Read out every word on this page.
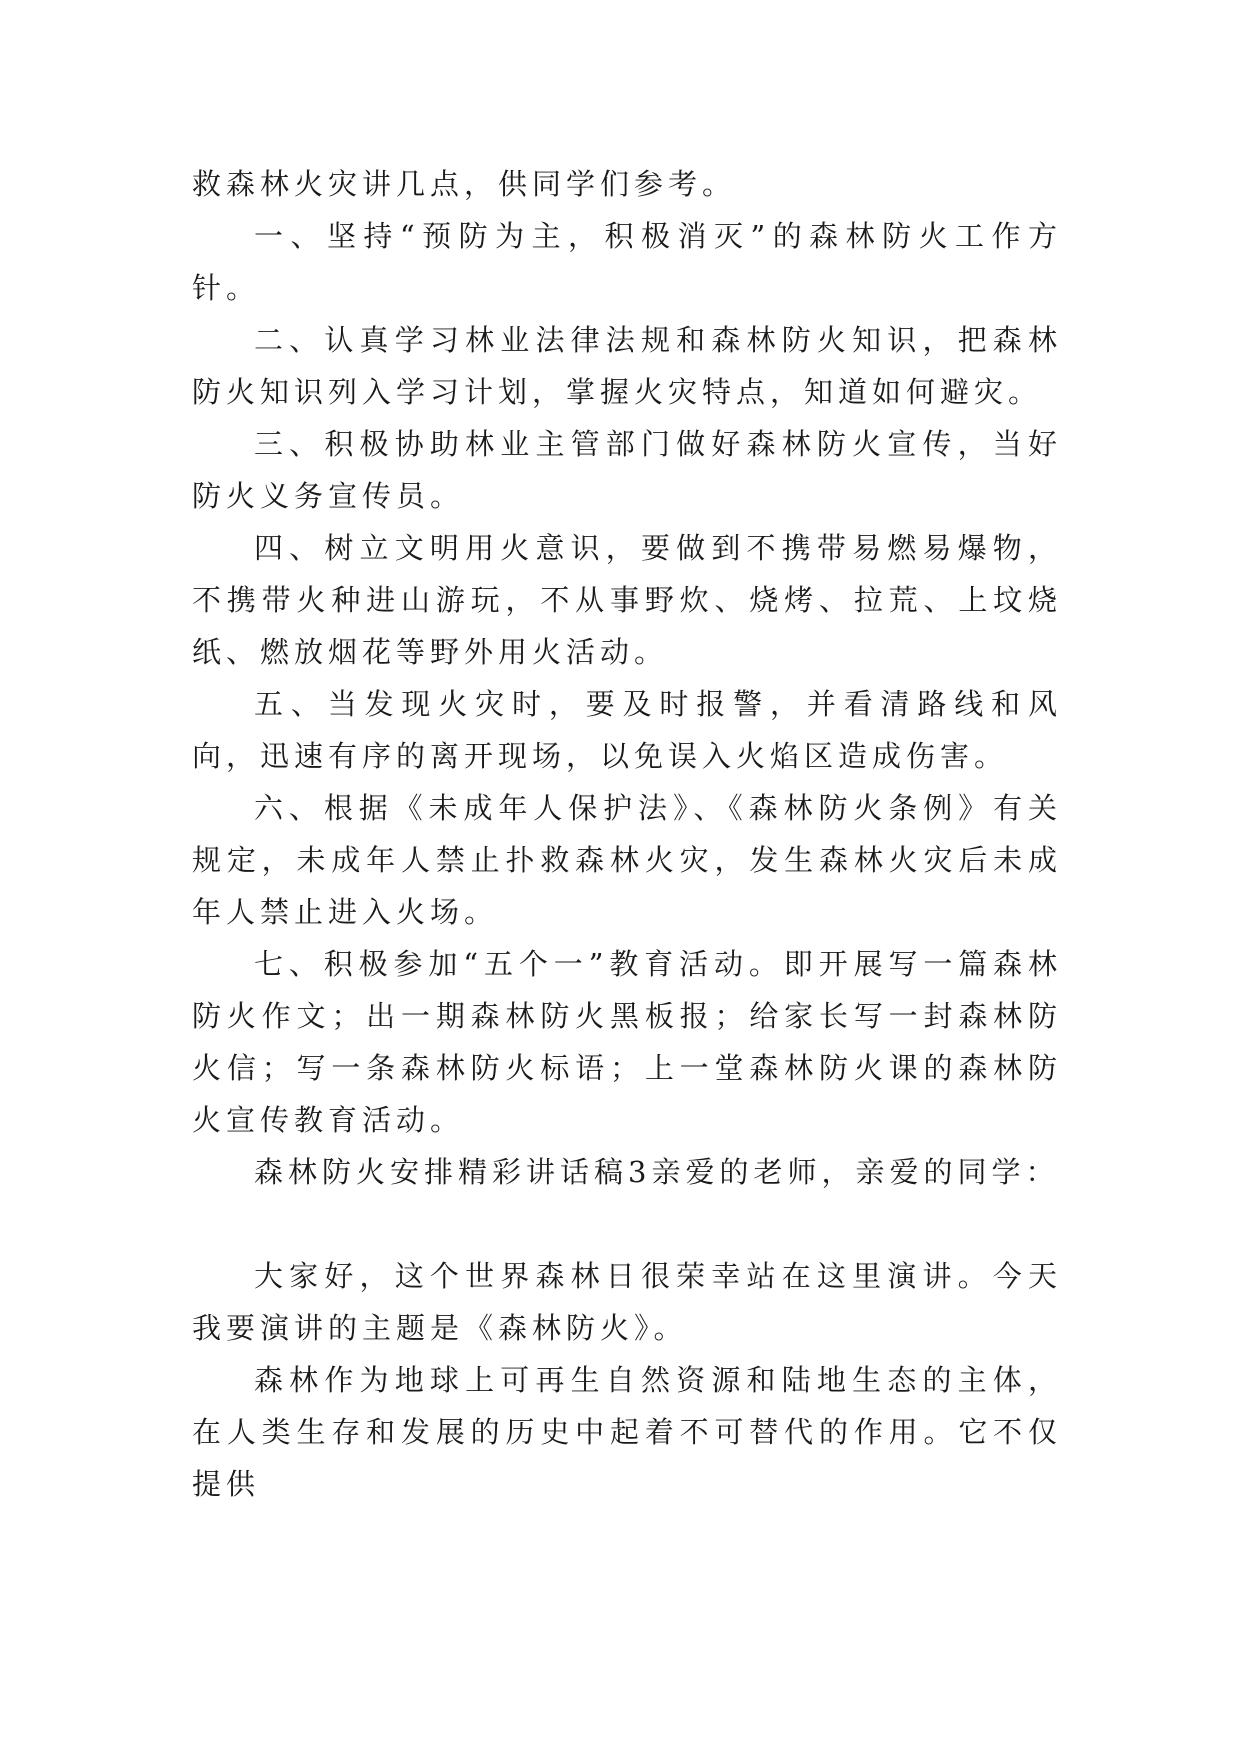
救森林火灾讲几点，供同学们参考。

一、坚持“预防为主，积极消灭”的森林防火工作方针。

二、认真学习林业法律法规和森林防火知识，把森林防火知识列入学习计划，掌握火灾特点，知道如何避灾。

三、积极协助林业主管部门做好森林防火宣传，当好防火义务宣传员。

四、树立文明用火意识，要做到不携带易燃易爆物，不携带火种进山游玩，不从事野炊、烧烤、拉荒、上坟烧纸、燃放烟花等野外用火活动。

五、当发现火灾时，要及时报警，并看清路线和风向，迅速有序的离开现场，以免误入火焰区造成伤害。

六、根据《未成年人保护法》、《森林防火条例》有关规定，未成年人禁止扑救森林火灾，发生森林火灾后未成年人禁止进入火场。

七、积极参加“五个一”教育活动。即开展写一篇森林防火作文；出一期森林防火黑板报；给家长写一封森林防火信；写一条森林防火标语；上一堂森林防火课的森林防火宣传教育活动。

森林防火安排精彩讲话稿3亲爱的老师，亲爱的同学：

大家好，这个世界森林日很荣幸站在这里演讲。今天我要演讲的主题是《森林防火》。

森林作为地球上可再生自然资源和陆地生态的主体，在人类生存和发展的历史中起着不可替代的作用。它不仅提供
